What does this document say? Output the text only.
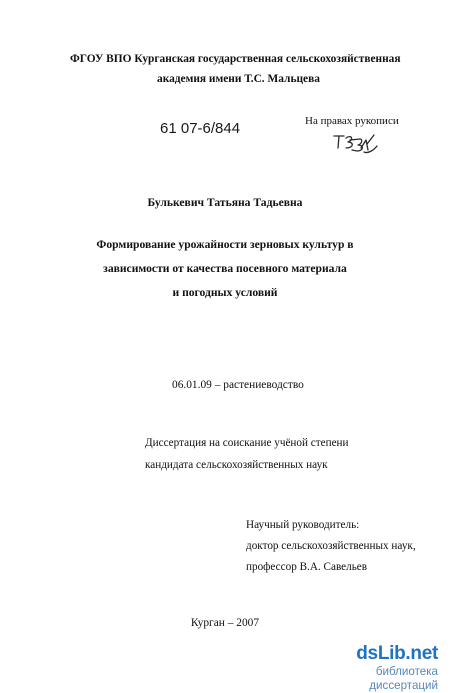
ФГОУ ВПО Курганская государственная сельскохозяйственная
академия имени Т.С. Мальцева
61 07-6/844	На правах рукописи
Булькевич Татьяна Тадьевна
Формирование урожайности зерновых культур в
зависимости от качества посевного материала
и погодных условий
06.01.09 – растениеводство
Диссертация на соискание учёной степени
кандидата сельскохозяйственных наук
Научный руководитель:
доктор сельскохозяйственных наук,
профессор В.А. Савельев
Курган – 2007
dsLib.net
библиотека диссертаций
